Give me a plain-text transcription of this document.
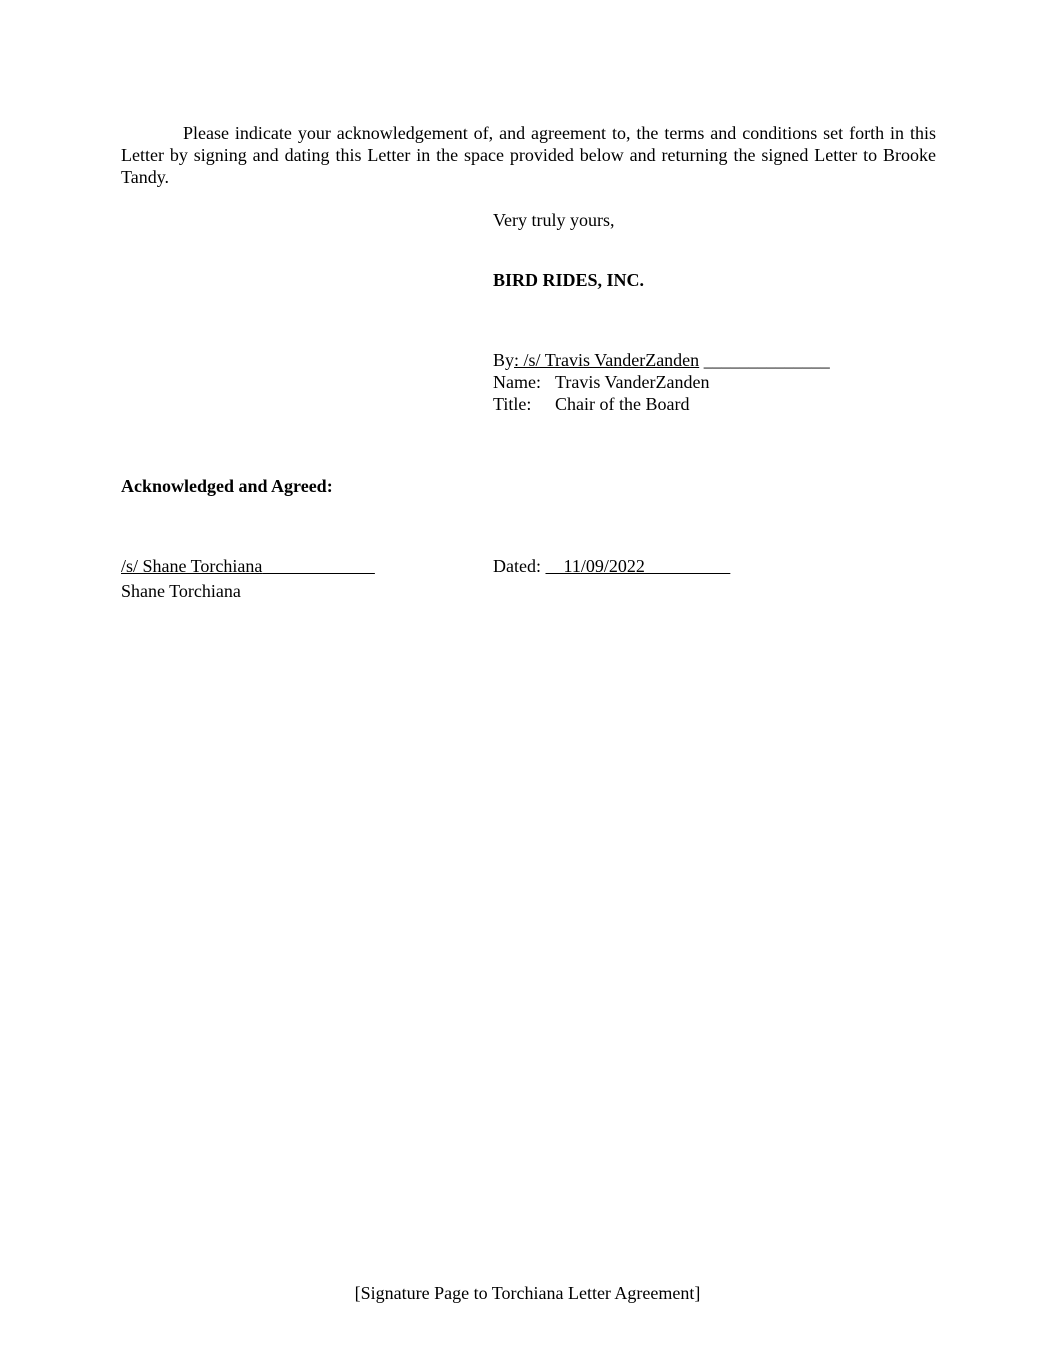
Please indicate your acknowledgement of, and agreement to, the terms and conditions set forth in this Letter by signing and dating this Letter in the space provided below and returning the signed Letter to Brooke Tandy.

Very truly yours,
BIRD RIDES, INC.
By: /s/ Travis VanderZanden ______________
Name: Travis VanderZanden
Title: Chair of the Board
Acknowledged and Agreed:
/s/ Shane Torchiana
Shane Torchiana
Dated:     11/09/2022
[Signature Page to Torchiana Letter Agreement]
